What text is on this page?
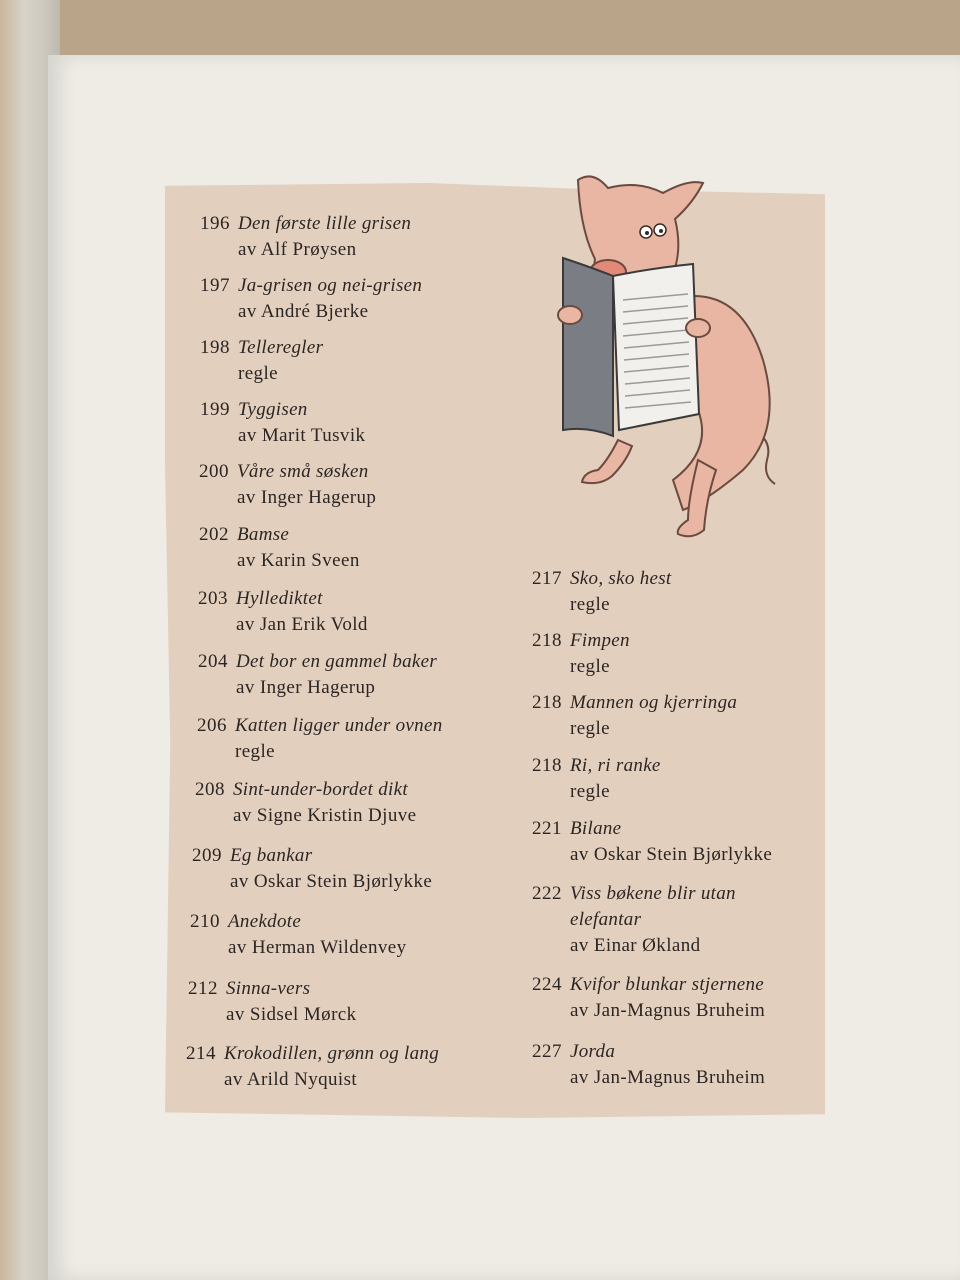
196 Den første lille grisen
av Alf Prøysen
197 Ja-grisen og nei-grisen
av André Bjerke
198 Telleregler
regle
199 Tyggisen
av Marit Tusvik
200 Våre små søsken
av Inger Hagerup
202 Bamse
av Karin Sveen
203 Hyllediktet
av Jan Erik Vold
204 Det bor en gammel baker
av Inger Hagerup
206 Katten ligger under ovnen
regle
208 Sint-under-bordet dikt
av Signe Kristin Djuve
209 Eg bankar
av Oskar Stein Bjørlykke
210 Anekdote
av Herman Wildenvey
212 Sinna-vers
av Sidsel Mørck
214 Krokodillen, grønn og lang
av Arild Nyquist
217 Sko, sko hest
regle
218 Fimpen
regle
218 Mannen og kjerringa
regle
218 Ri, ri ranke
regle
221 Bilane
av Oskar Stein Bjørlykke
222 Viss bøkene blir utan
elefantar
av Einar Økland
224 Kvifor blunkar stjernene
av Jan-Magnus Bruheim
227 Jorda
av Jan-Magnus Bruheim
